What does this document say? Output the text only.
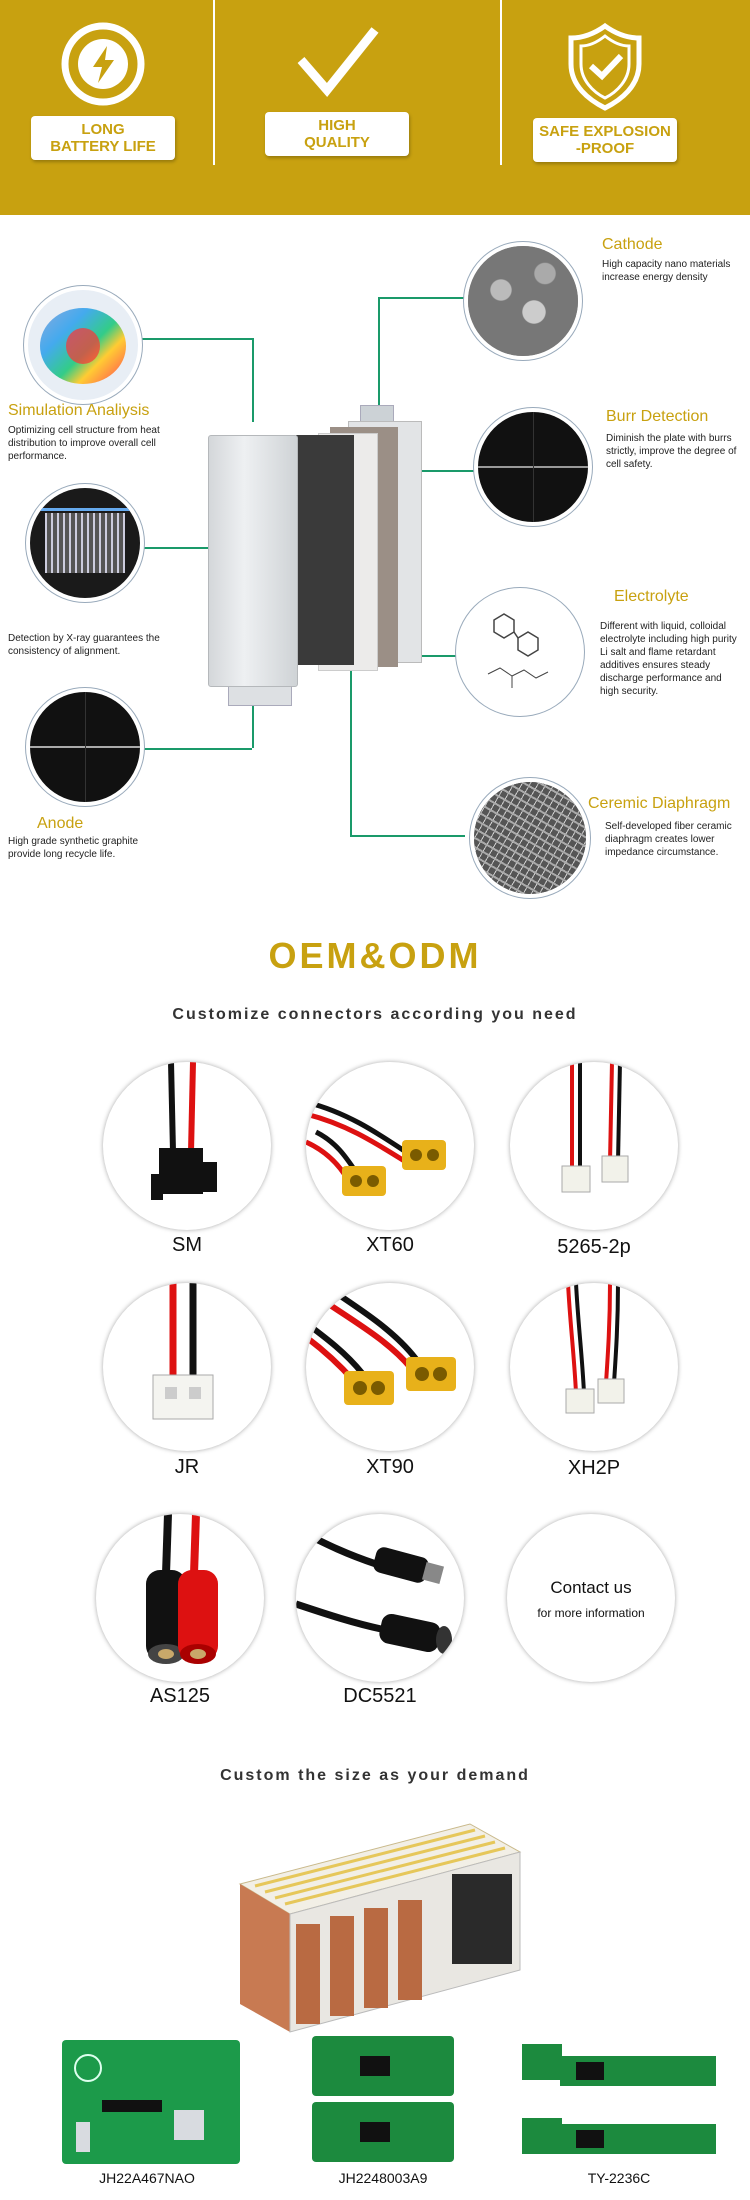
LONG
BATTERY LIFE
HIGH
QUALITY
SAFE EXPLOSION
-PROOF
Simulation Analiysis
Optimizing cell structure from heat distribution to improve overall cell performance.
Detection by X-ray guarantees the consistency of alignment.
Anode
High grade synthetic graphite provide long recycle life.
Cathode
High capacity nano materials increase energy density
Burr Detection
Diminish the plate with burrs strictly, improve the degree of cell safety.
Electrolyte
Different with liquid, colloidal electrolyte including high purity Li salt and flame retardant additives ensures steady discharge performance and high security.
Ceremic Diaphragm
Self-developed fiber ceramic diaphragm creates lower impedance circumstance.
OEM&ODM
Customize connectors according you need
SM	XT60	5265-2p
JR	XT90	XH2P
AS125	DC5521
Contact us
for more information
Custom the size as your demand
JH22A467NAO	JH2248003A9	TY-2236C
